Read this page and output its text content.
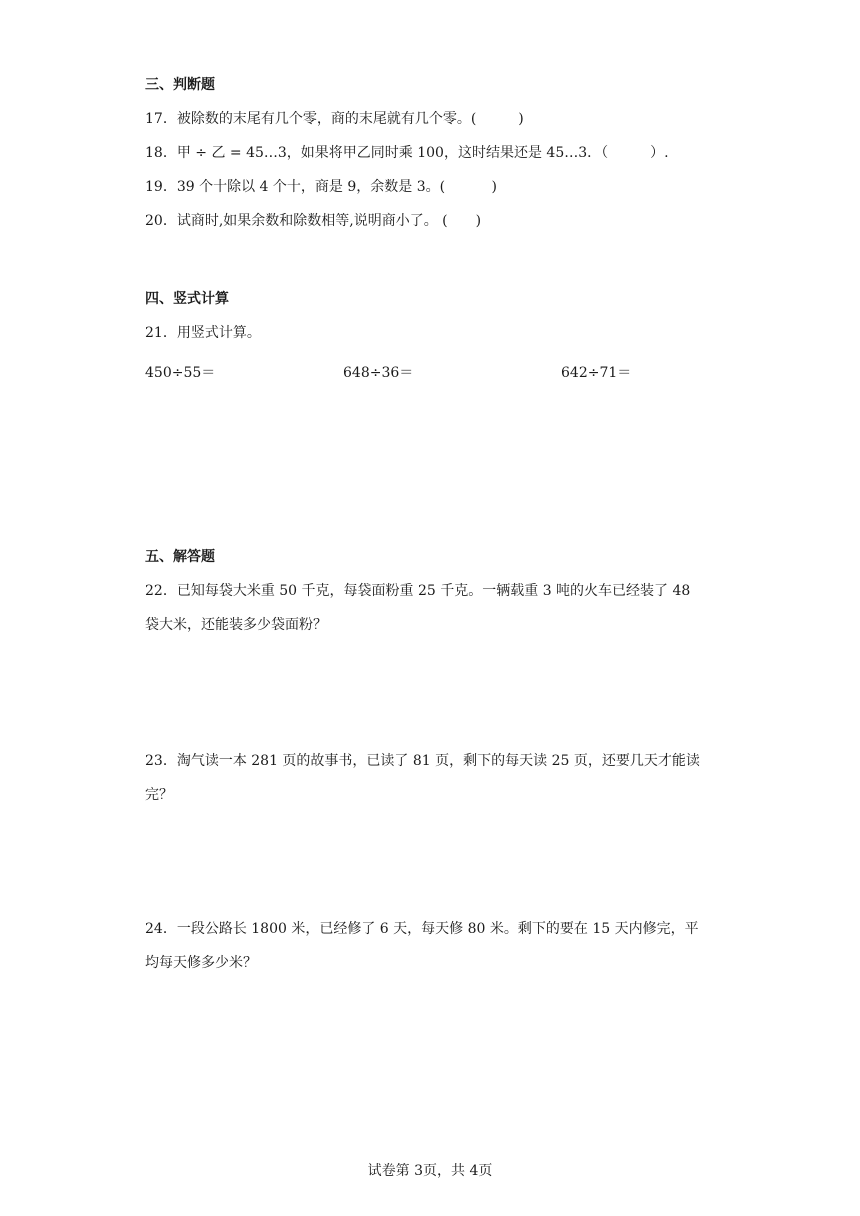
三、判断题
17．被除数的末尾有几个零，商的末尾就有几个零。(　　　)
18．甲 ÷ 乙 = 45…3，如果将甲乙同时乘 100，这时结果还是 45…3．（　　　）.
19．39 个十除以 4 个十，商是 9，余数是 3。(　　　 )
20．试商时,如果余数和除数相等,说明商小了。 (　　)
四、竖式计算
21．用竖式计算。
450÷55＝	648÷36＝	642÷71＝
五、解答题
22．已知每袋大米重 50 千克，每袋面粉重 25 千克。一辆载重 3 吨的火车已经装了 48
袋大米，还能装多少袋面粉？
23．淘气读一本 281 页的故事书，已读了 81 页，剩下的每天读 25 页，还要几天才能读
完？
24．一段公路长 1800 米，已经修了 6 天，每天修 80 米。剩下的要在 15 天内修完，平
均每天修多少米？
试卷第 3页，共 4页
